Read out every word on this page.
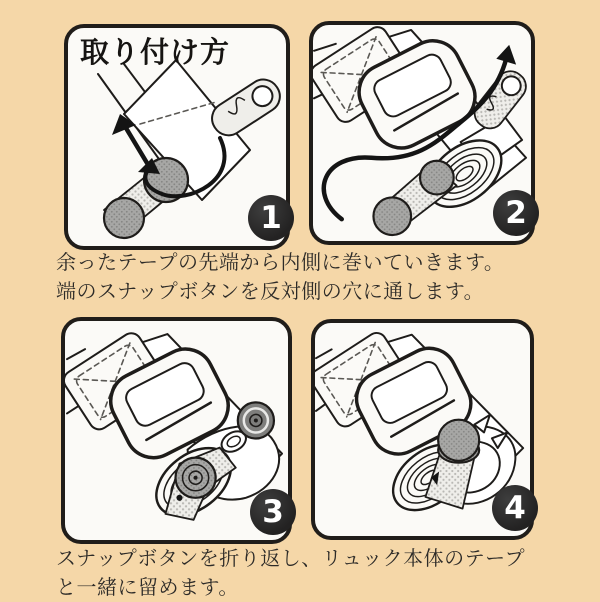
取り付け方
1	2

余ったテープの先端から内側に巻いていきます。
端のスナップボタンを反対側の穴に通します。

3	4

スナップボタンを折り返し、リュック本体のテープ
と一緒に留めます。
